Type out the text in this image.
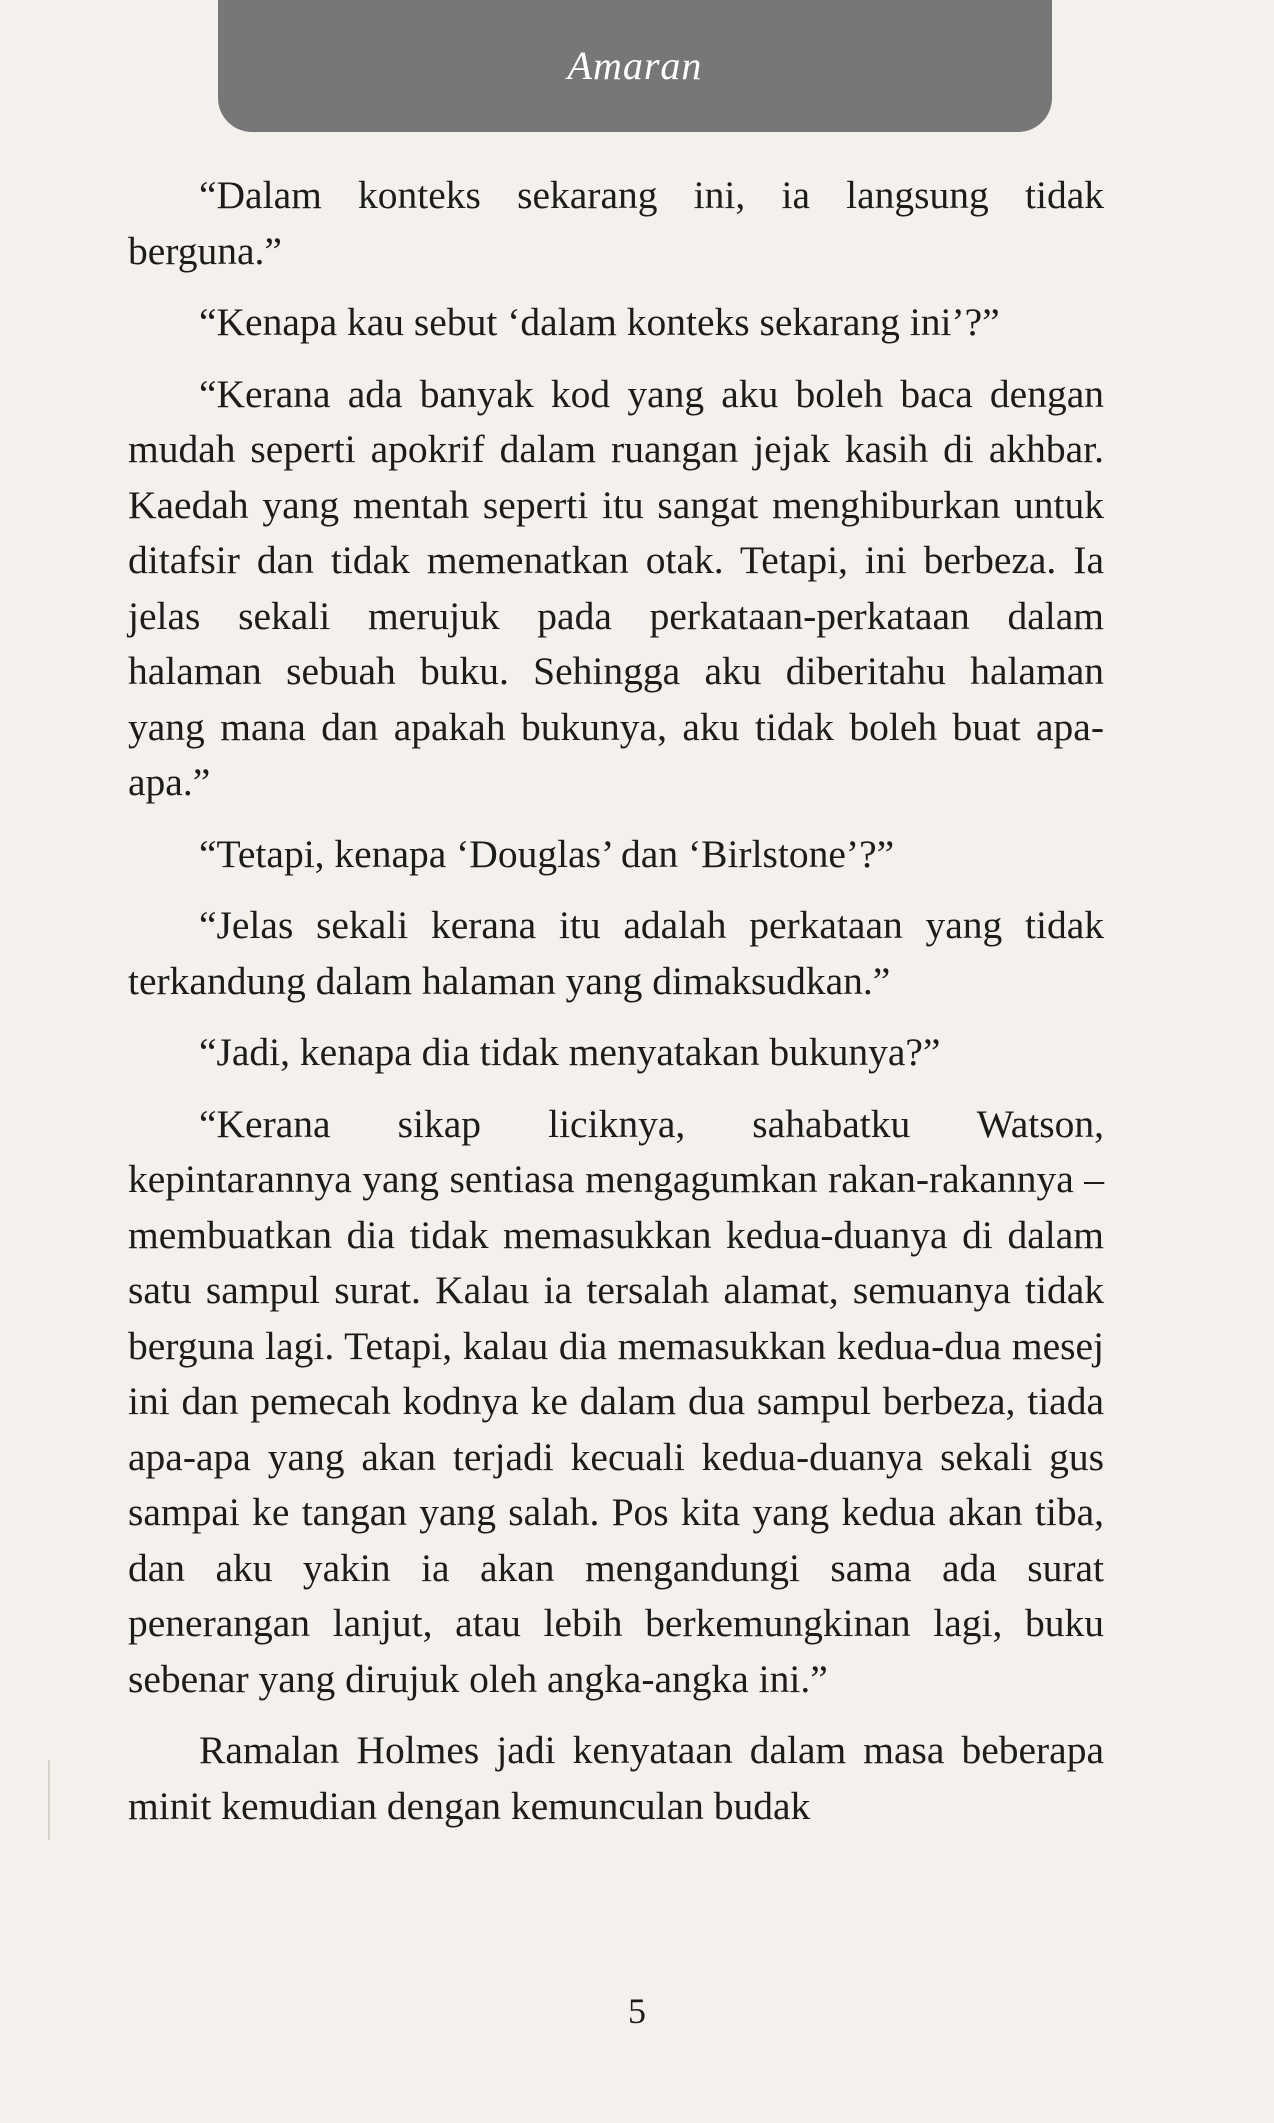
Amaran

“Dalam konteks sekarang ini, ia langsung tidak berguna.”

“Kenapa kau sebut ‘dalam konteks sekarang ini’?”

“Kerana ada banyak kod yang aku boleh baca dengan mudah seperti apokrif dalam ruangan jejak kasih di akhbar. Kaedah yang mentah seperti itu sangat menghiburkan untuk ditafsir dan tidak memenatkan otak. Tetapi, ini berbeza. Ia jelas sekali merujuk pada perkataan-perkataan dalam halaman sebuah buku. Sehingga aku diberitahu halaman yang mana dan apakah bukunya, aku tidak boleh buat apa-apa.”

“Tetapi, kenapa ‘Douglas’ dan ‘Birlstone’?”

“Jelas sekali kerana itu adalah perkataan yang tidak terkandung dalam halaman yang dimaksudkan.”

“Jadi, kenapa dia tidak menyatakan bukunya?”

“Kerana sikap liciknya, sahabatku Watson, kepintarannya yang sentiasa mengagumkan rakan-rakannya – membuatkan dia tidak memasukkan kedua-duanya di dalam satu sampul surat. Kalau ia tersalah alamat, semuanya tidak berguna lagi. Tetapi, kalau dia memasukkan kedua-dua mesej ini dan pemecah kodnya ke dalam dua sampul berbeza, tiada apa-apa yang akan terjadi kecuali kedua-duanya sekali gus sampai ke tangan yang salah. Pos kita yang kedua akan tiba, dan aku yakin ia akan mengandungi sama ada surat penerangan lanjut, atau lebih berkemungkinan lagi, buku sebenar yang dirujuk oleh angka-angka ini.”

Ramalan Holmes jadi kenyataan dalam masa beberapa minit kemudian dengan kemunculan budak

5
